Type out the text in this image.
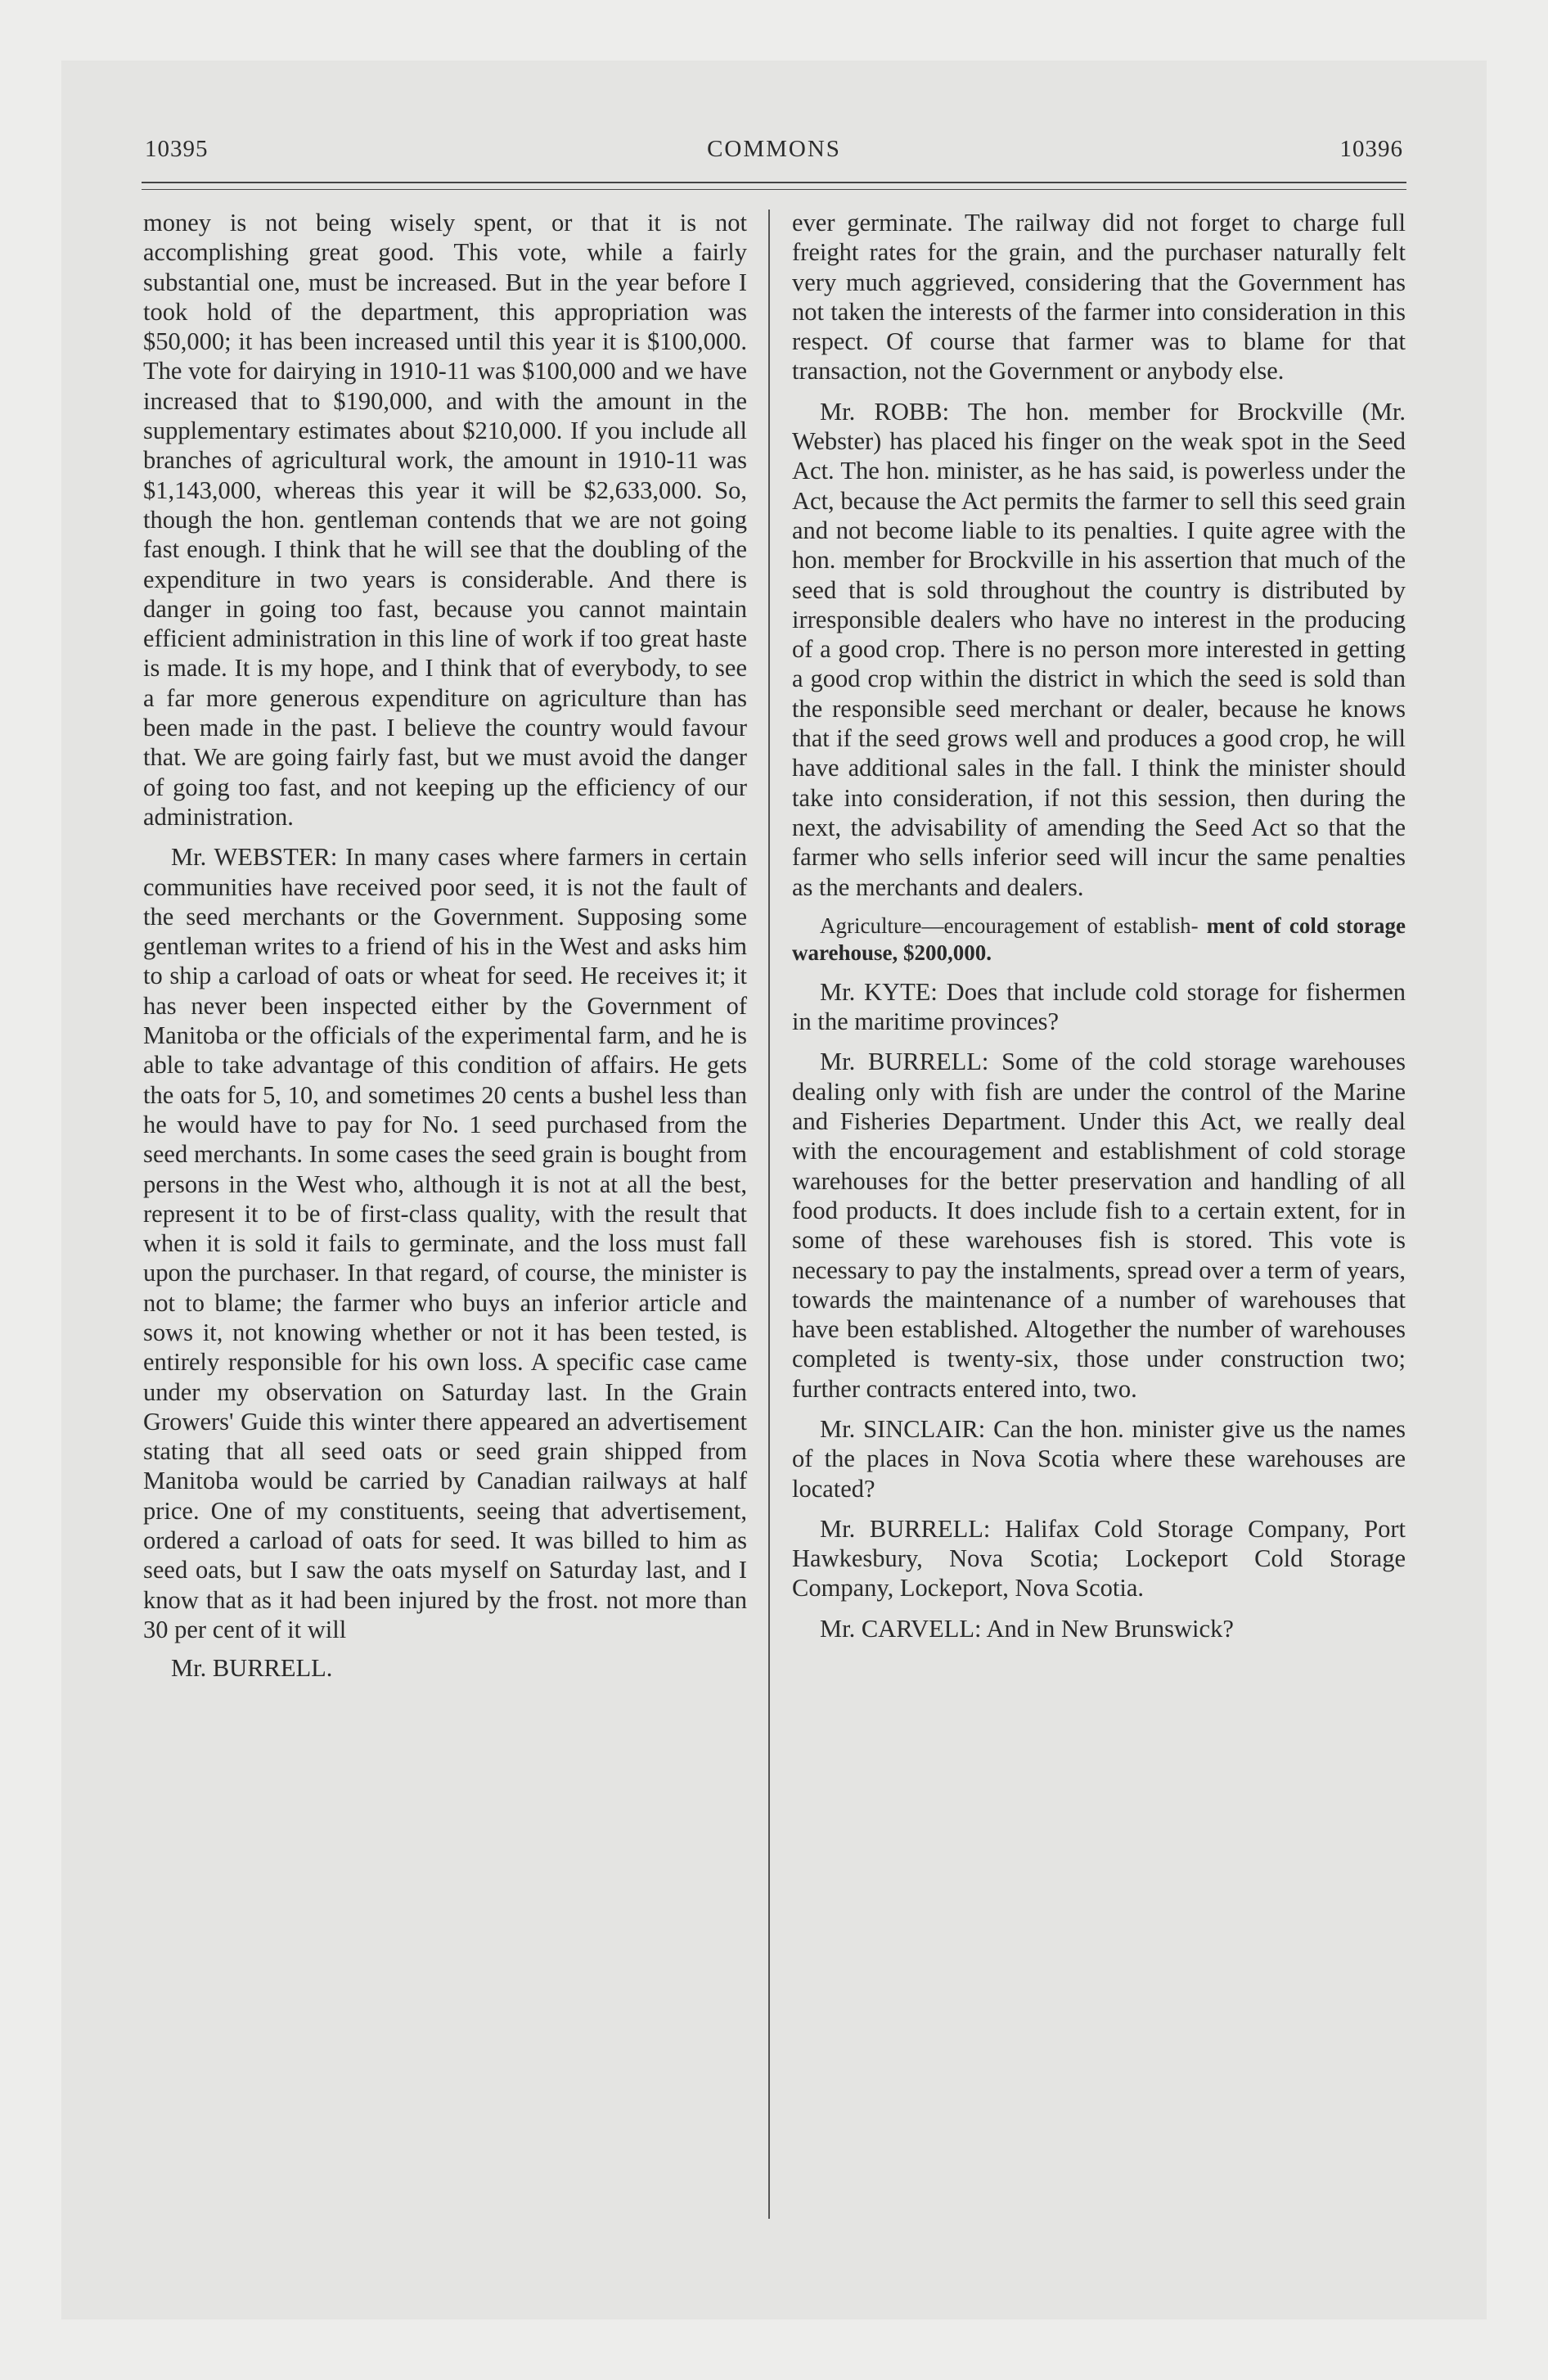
10395	COMMONS	10396

money is not being wisely spent, or that it is not accomplishing great good. This vote, while a fairly substantial one, must be increased. But in the year before I took hold of the department, this appropriation was $50,000; it has been increased until this year it is $100,000. The vote for dairying in 1910-11 was $100,000 and we have increased that to $190,000, and with the amount in the supplementary estimates about $210,000. If you include all branches of agricultural work, the amount in 1910-11 was $1,143,000, whereas this year it will be $2,633,000. So, though the hon. gentleman contends that we are not going fast enough. I think that he will see that the doubling of the expenditure in two years is considerable. And there is danger in going too fast, because you cannot maintain efficient administration in this line of work if too great haste is made. It is my hope, and I think that of everybody, to see a far more generous expenditure on agriculture than has been made in the past. I believe the country would favour that. We are going fairly fast, but we must avoid the danger of going too fast, and not keeping up the efficiency of our administration.

Mr. WEBSTER: In many cases where farmers in certain communities have received poor seed, it is not the fault of the seed merchants or the Government. Supposing some gentleman writes to a friend of his in the West and asks him to ship a carload of oats or wheat for seed. He receives it; it has never been inspected either by the Government of Manitoba or the officials of the experimental farm, and he is able to take advantage of this condition of affairs. He gets the oats for 5, 10, and sometimes 20 cents a bushel less than he would have to pay for No. 1 seed purchased from the seed merchants. In some cases the seed grain is bought from persons in the West who, although it is not at all the best, represent it to be of first-class quality, with the result that when it is sold it fails to germinate, and the loss must fall upon the purchaser. In that regard, of course, the minister is not to blame; the farmer who buys an inferior article and sows it, not knowing whether or not it has been tested, is entirely responsible for his own loss. A specific case came under my observation on Saturday last. In the Grain Growers' Guide this winter there appeared an advertisement stating that all seed oats or seed grain shipped from Manitoba would be carried by Canadian railways at half price. One of my constituents, seeing that advertisement, ordered a carload of oats for seed. It was billed to him as seed oats, but I saw the oats myself on Saturday last, and I know that as it had been injured by the frost. not more than 30 per cent of it will

Mr. BURRELL.

ever germinate. The railway did not forget to charge full freight rates for the grain, and the purchaser naturally felt very much aggrieved, considering that the Government has not taken the interests of the farmer into consideration in this respect. Of course that farmer was to blame for that transaction, not the Government or anybody else.

Mr. ROBB: The hon. member for Brockville (Mr. Webster) has placed his finger on the weak spot in the Seed Act. The hon. minister, as he has said, is powerless under the Act, because the Act permits the farmer to sell this seed grain and not become liable to its penalties. I quite agree with the hon. member for Brockville in his assertion that much of the seed that is sold throughout the country is distributed by irresponsible dealers who have no interest in the producing of a good crop. There is no person more interested in getting a good crop within the district in which the seed is sold than the responsible seed merchant or dealer, because he knows that if the seed grows well and produces a good crop, he will have additional sales in the fall. I think the minister should take into consideration, if not this session, then during the next, the advisability of amending the Seed Act so that the farmer who sells inferior seed will incur the same penalties as the merchants and dealers.

Agriculture—encouragement of establish- ment of cold storage warehouse, $200,000.

Mr. KYTE: Does that include cold storage for fishermen in the maritime provinces?

Mr. BURRELL: Some of the cold storage warehouses dealing only with fish are under the control of the Marine and Fisheries Department. Under this Act, we really deal with the encouragement and establishment of cold storage warehouses for the better preservation and handling of all food products. It does include fish to a certain extent, for in some of these warehouses fish is stored. This vote is necessary to pay the instalments, spread over a term of years, towards the maintenance of a number of warehouses that have been established. Altogether the number of warehouses completed is twenty-six, those under construction two; further contracts entered into, two.

Mr. SINCLAIR: Can the hon. minister give us the names of the places in Nova Scotia where these warehouses are located?

Mr. BURRELL: Halifax Cold Storage Company, Port Hawkesbury, Nova Scotia; Lockeport Cold Storage Company, Lockeport, Nova Scotia.

Mr. CARVELL: And in New Brunswick?
